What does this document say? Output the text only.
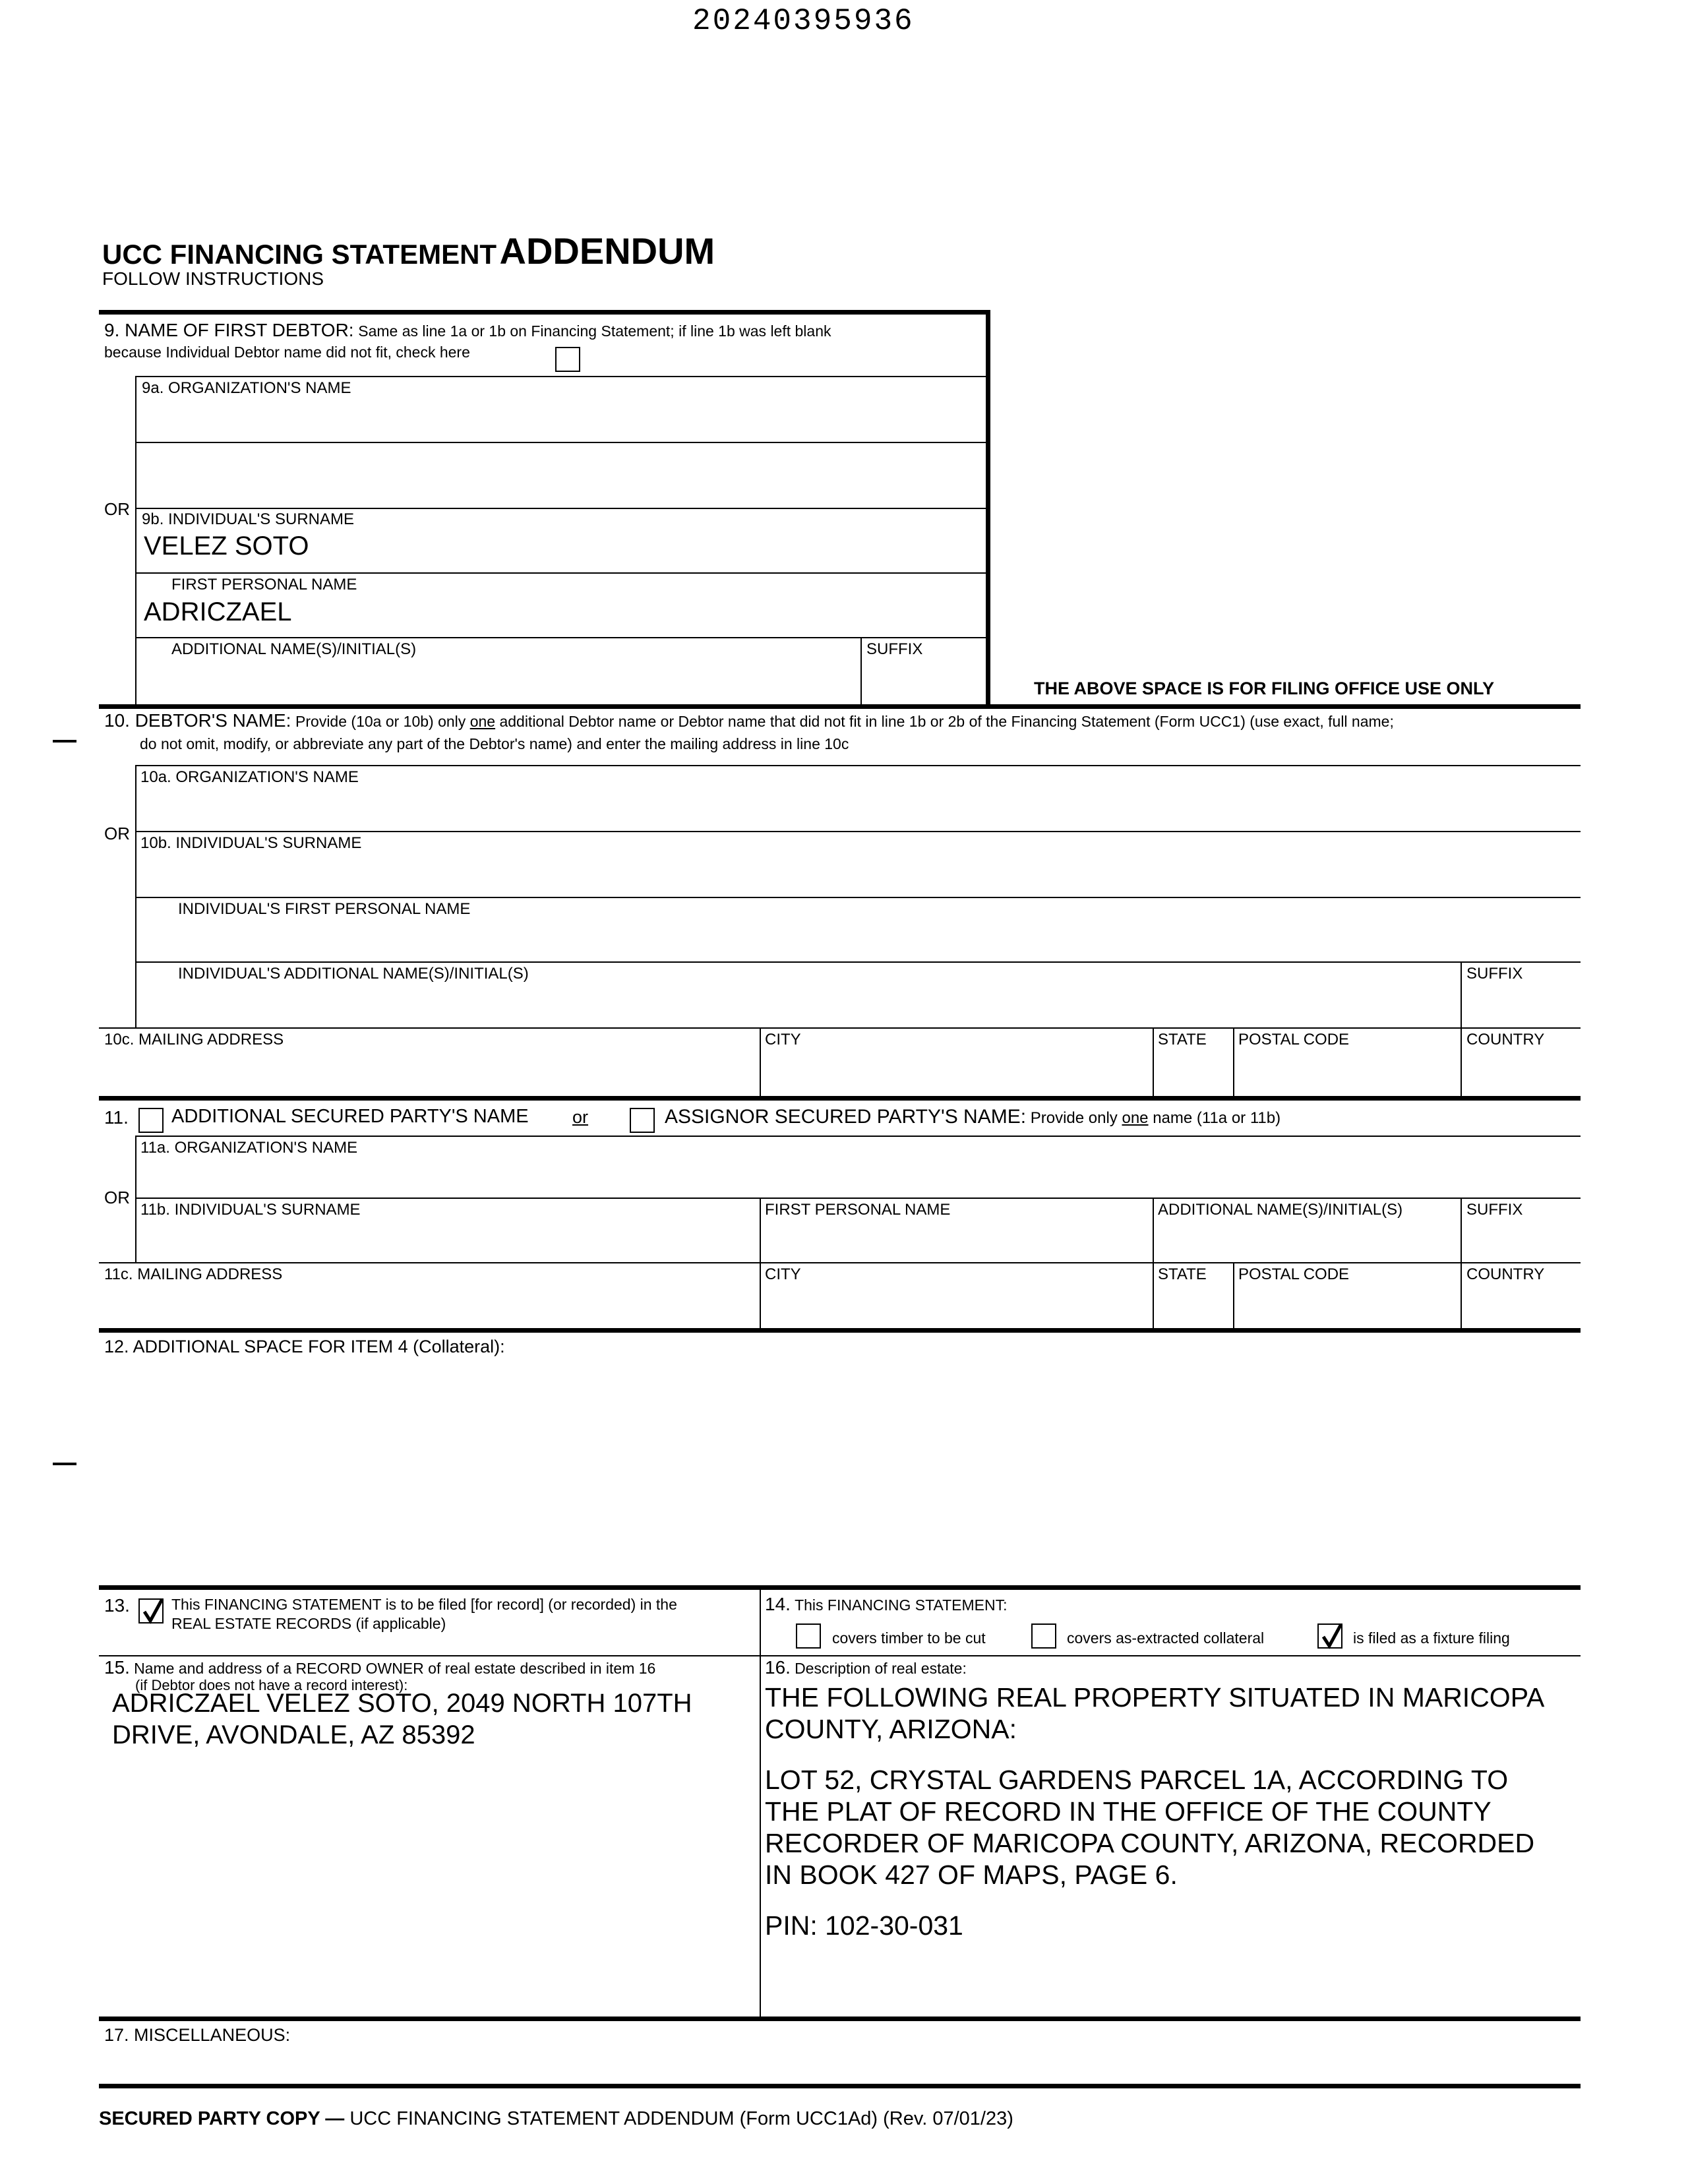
20240395936
UCC FINANCING STATEMENT ADDENDUM
FOLLOW INSTRUCTIONS
9. NAME OF FIRST DEBTOR: Same as line 1a or 1b on Financing Statement; if line 1b was left blank
because Individual Debtor name did not fit, check here
9a. ORGANIZATION'S NAME
OR
9b. INDIVIDUAL'S SURNAME
VELEZ SOTO
FIRST PERSONAL NAME
ADRICZAEL
ADDITIONAL NAME(S)/INITIAL(S)	SUFFIX
THE ABOVE SPACE IS FOR FILING OFFICE USE ONLY
10. DEBTOR'S NAME: Provide (10a or 10b) only one additional Debtor name or Debtor name that did not fit in line 1b or 2b of the Financing Statement (Form UCC1) (use exact, full name;
do not omit, modify, or abbreviate any part of the Debtor's name) and enter the mailing address in line 10c
10a. ORGANIZATION'S NAME
OR 10b. INDIVIDUAL'S SURNAME
INDIVIDUAL'S FIRST PERSONAL NAME
INDIVIDUAL'S ADDITIONAL NAME(S)/INITIAL(S)	SUFFIX
10c. MAILING ADDRESS	CITY	STATE POSTAL CODE	COUNTRY
11. ADDITIONAL SECURED PARTY'S NAME or	ASSIGNOR SECURED PARTY'S NAME: Provide only one name (11a or 11b)
11a. ORGANIZATION'S NAME
OR
11b. INDIVIDUAL'S SURNAME	FIRST PERSONAL NAME	ADDITIONAL NAME(S)/INITIAL(S)	SUFFIX
11c. MAILING ADDRESS	CITY	STATE POSTAL CODE	COUNTRY
12. ADDITIONAL SPACE FOR ITEM 4 (Collateral):
13.	This FINANCING STATEMENT is to be filed [for record] (or recorded) in the
REAL ESTATE RECORDS (if applicable)
14. This FINANCING STATEMENT:
covers timber to be cut	covers as-extracted collateral	is filed as a fixture filing
15. Name and address of a RECORD OWNER of real estate described in item 16
(if Debtor does not have a record interest):
ADRICZAEL VELEZ SOTO, 2049 NORTH 107TH
DRIVE, AVONDALE, AZ 85392
16. Description of real estate:
THE FOLLOWING REAL PROPERTY SITUATED IN MARICOPA
COUNTY, ARIZONA:
LOT 52, CRYSTAL GARDENS PARCEL 1A, ACCORDING TO
THE PLAT OF RECORD IN THE OFFICE OF THE COUNTY
RECORDER OF MARICOPA COUNTY, ARIZONA, RECORDED
IN BOOK 427 OF MAPS, PAGE 6.
PIN: 102-30-031
17. MISCELLANEOUS:
SECURED PARTY COPY — UCC FINANCING STATEMENT ADDENDUM (Form UCC1Ad) (Rev. 07/01/23)
